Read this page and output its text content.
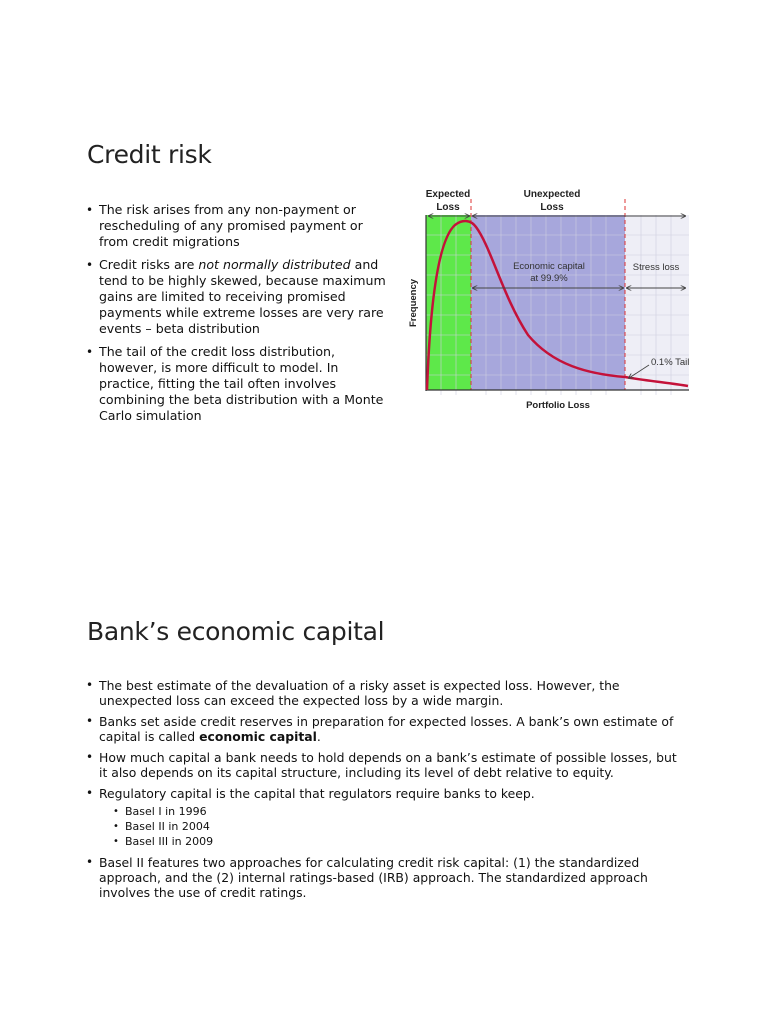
Credit risk
• The risk arises from any non-payment or rescheduling of any promised payment or from credit migrations
• Credit risks are not normally distributed and tend to be highly skewed, because maximum gains are limited to receiving promised payments while extreme losses are very rare events – beta distribution
• The tail of the credit loss distribution, however, is more difficult to model. In practice, fitting the tail often involves combining the beta distribution with a Monte Carlo simulation
Expected Loss
Unexpected Loss
Economic capital at 99.9%
Stress loss
0.1% Tail
Frequency
Portfolio Loss
Bank’s economic capital
• The best estimate of the devaluation of a risky asset is expected loss. However, the unexpected loss can exceed the expected loss by a wide margin.
• Banks set aside credit reserves in preparation for expected losses. A bank’s own estimate of capital is called economic capital.
• How much capital a bank needs to hold depends on a bank’s estimate of possible losses, but it also depends on its capital structure, including its level of debt relative to equity.
• Regulatory capital is the capital that regulators require banks to keep.
• Basel I in 1996
• Basel II in 2004
• Basel III in 2009
• Basel II features two approaches for calculating credit risk capital: (1) the standardized approach, and the (2) internal ratings-based (IRB) approach. The standardized approach involves the use of credit ratings.
